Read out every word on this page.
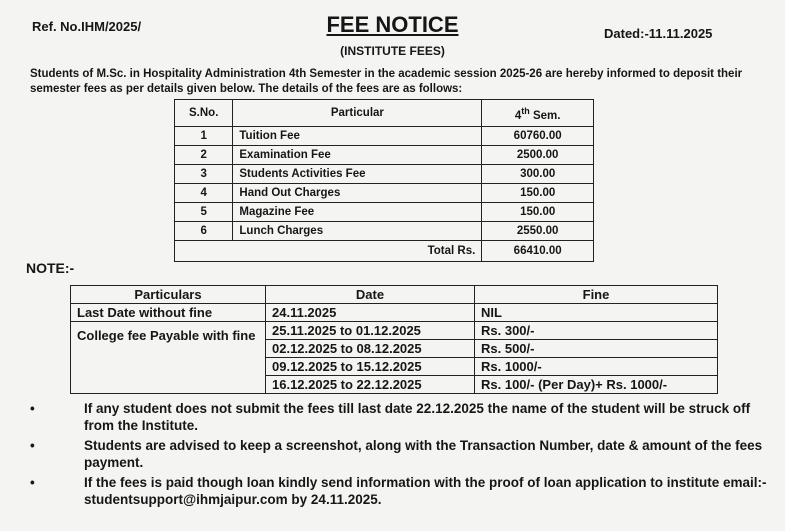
Ref. No.IHM/2025/	FEE NOTICE	Dated:-11.11.2025
(INSTITUTE FEES)
Students of M.Sc. in Hospitality Administration 4th Semester in the academic session 2025-26 are hereby informed to deposit their semester fees as per details given below. The details of the fees are as follows:
S.No.	Particular	4th Sem.
1	Tuition Fee	60760.00
2	Examination Fee	2500.00
3	Students Activities Fee	300.00
4	Hand Out Charges	150.00
5	Magazine Fee	150.00
6	Lunch Charges	2550.00
Total Rs.		66410.00
NOTE:-
Particulars	Date	Fine
Last Date without fine	24.11.2025	NIL
College fee Payable with fine	25.11.2025 to 01.12.2025	Rs. 300/-
	02.12.2025 to 08.12.2025	Rs. 500/-
	09.12.2025 to 15.12.2025	Rs. 1000/-
	16.12.2025 to 22.12.2025	Rs. 100/- (Per Day)+ Rs. 1000/-
•	If any student does not submit the fees till last date 22.12.2025 the name of the student will be struck off from the Institute.
•	Students are advised to keep a screenshot, along with the Transaction Number, date & amount of the fees payment.
•	If the fees is paid though loan kindly send information with the proof of loan application to institute email:- studentsupport@ihmjaipur.com by 24.11.2025.
